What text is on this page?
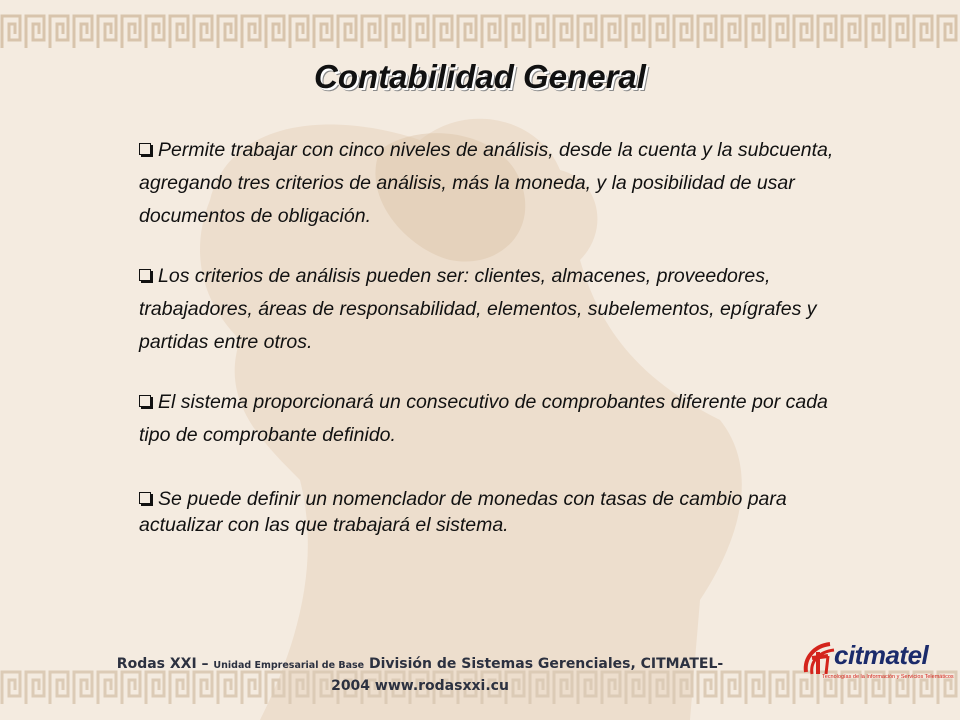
Contabilidad General

Permite trabajar con cinco niveles de análisis, desde la cuenta y la subcuenta, agregando tres criterios de análisis, más la moneda, y la posibilidad de usar documentos de obligación.

Los criterios de análisis pueden ser: clientes, almacenes, proveedores, trabajadores, áreas de responsabilidad, elementos, subelementos, epígrafes y partidas entre otros.

El sistema proporcionará un consecutivo de comprobantes diferente por cada tipo de comprobante definido.

Se puede definir un nomenclador de monedas con tasas de cambio para actualizar con las que trabajará el sistema.

Rodas XXI – Unidad Empresarial de Base División de Sistemas Gerenciales, CITMATEL-
2004 www.rodasxxi.cu
citmatel
Tecnologías de la Información y Servicios Telemáticos
